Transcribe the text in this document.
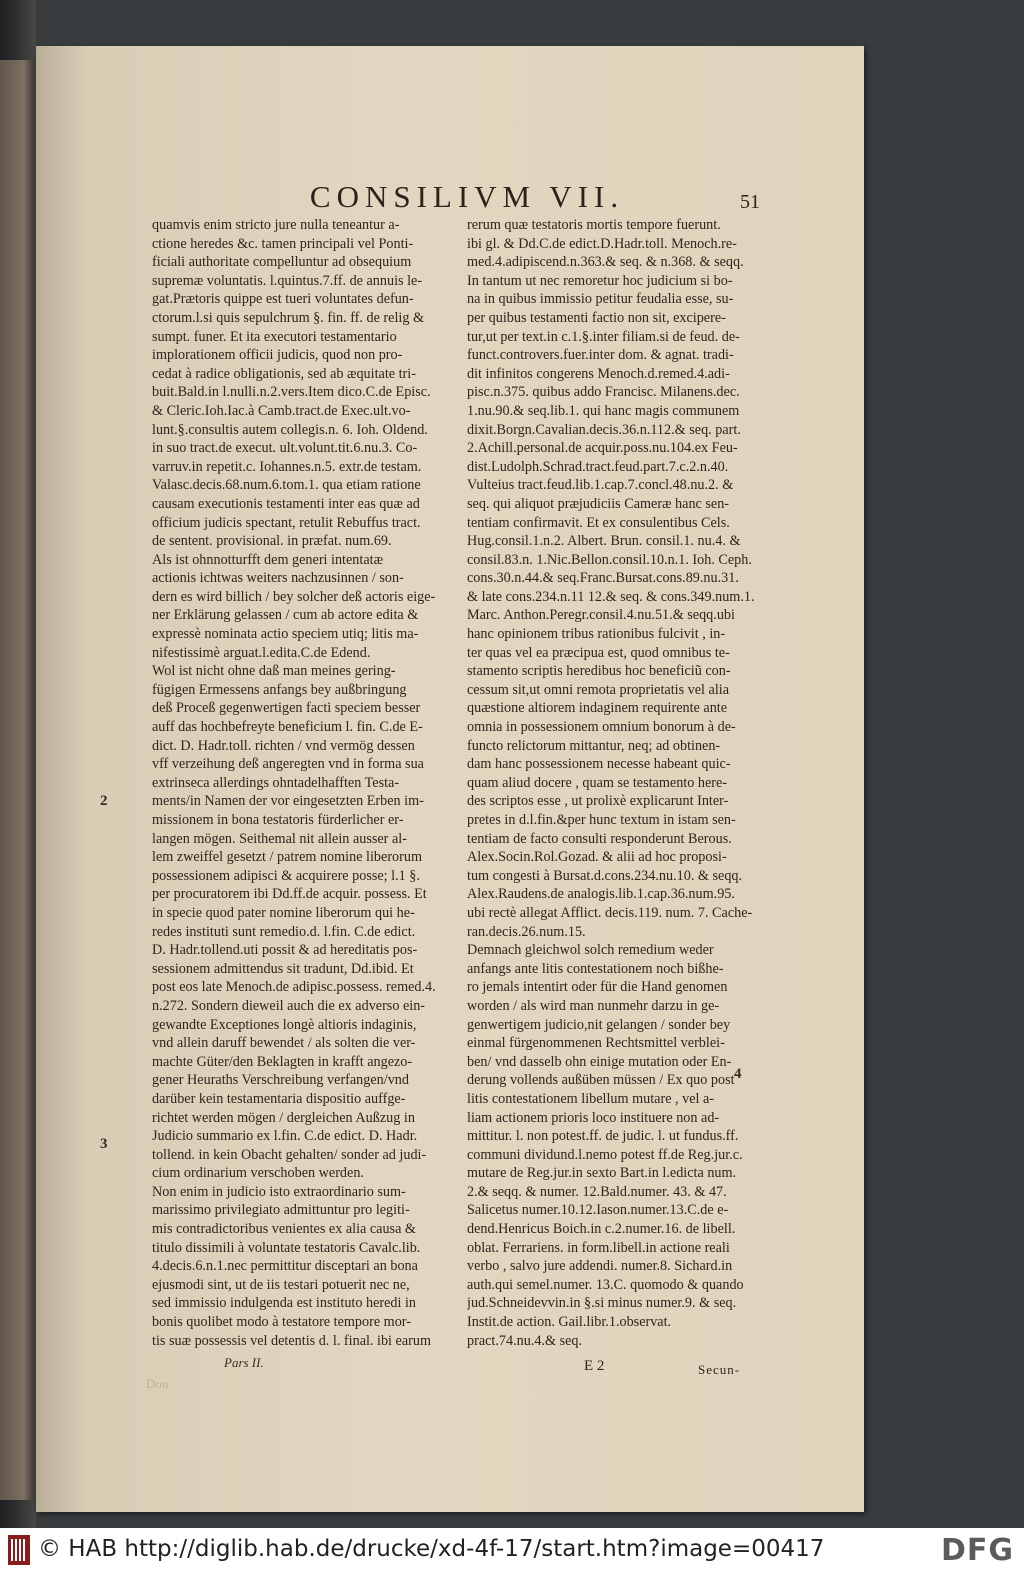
CONSILIVM VII.	51
quamvis enim stricto jure nulla teneantur a-
ctione heredes &c. tamen principali vel Ponti-
ficiali authoritate compelluntur ad obsequium
supremæ voluntatis. l.quintus.7.ff. de annuis le-
gat.Prætoris quippe est tueri voluntates defun-
ctorum.l.si quis sepulchrum §. fin. ff. de relig &
sumpt. funer. Et ita executori testamentario
implorationem officii judicis, quod non pro-
cedat à radice obligationis, sed ab æquitate tri-
buit.Bald.in l.nulli.n.2.vers.Item dico.C.de Episc.
& Cleric.Ioh.Iac.à Camb.tract.de Exec.ult.vo-
lunt.§.consultis autem collegis.n. 6. Ioh. Oldend.
in suo tract.de execut. ult.volunt.tit.6.nu.3. Co-
varruv.in repetit.c. Iohannes.n.5. extr.de testam.
Valasc.decis.68.num.6.tom.1. qua etiam ratione
causam executionis testamenti inter eas quæ ad
officium judicis spectant, retulit Rebuffus tract.
de sentent. provisional. in præfat. num.69.
Als ist ohnnotturfft dem generi intentatæ
actionis ichtwas weiters nachzusinnen / son-
dern es wird billich / bey solcher deß actoris eige-
ner Erklärung gelassen / cum ab actore edita &
expressè nominata actio speciem utiq; litis ma-
nifestissimè arguat.l.edita.C.de Edend.
Wol ist nicht ohne daß man meines gering-
fügigen Ermessens anfangs bey außbringung
deß Proceß gegenwertigen facti speciem besser
auff das hochbefreyte beneficium l. fin. C.de E-
dict. D. Hadr.toll. richten / vnd vermög dessen
vff verzeihung deß angeregten vnd in forma sua
extrinseca allerdings ohntadelhafften Testa-
ments/in Namen der vor eingesetzten Erben im-
missionem in bona testatoris fürderlicher er-
langen mögen. Seithemal nit allein ausser al-
lem zweiffel gesetzt / patrem nomine liberorum
possessionem adipisci & acquirere posse; l.1 §.
per procuratorem ibi Dd.ff.de acquir. possess. Et
in specie quod pater nomine liberorum qui he-
redes instituti sunt remedio.d. l.fin. C.de edict.
D. Hadr.tollend.uti possit & ad hereditatis pos-
sessionem admittendus sit tradunt, Dd.ibid. Et
post eos late Menoch.de adipisc.possess. remed.4.
n.272. Sondern dieweil auch die ex adverso ein-
gewandte Exceptiones longè altioris indaginis,
vnd allein daruff bewendet / als solten die ver-
machte Güter/den Beklagten in krafft angezo-
gener Heuraths Verschreibung verfangen/vnd
darüber kein testamentaria dispositio auffge-
richtet werden mögen / dergleichen Außzug in
Judicio summario ex l.fin. C.de edict. D. Hadr.
tollend. in kein Obacht gehalten/ sonder ad judi-
cium ordinarium verschoben werden.
Non enim in judicio isto extraordinario sum-
marissimo privilegiato admittuntur pro legiti-
mis contradictoribus venientes ex alia causa &
titulo dissimili à voluntate testatoris Cavalc.lib.
4.decis.6.n.1.nec permittitur disceptari an bona
ejusmodi sint, ut de iis testari potuerit nec ne,
sed immissio indulgenda est instituto heredi in
bonis quolibet modo à testatore tempore mor-
tis suæ possessis vel detentis d. l. final. ibi earum
rerum quæ testatoris mortis tempore fuerunt.
ibi gl. & Dd.C.de edict.D.Hadr.toll. Menoch.re-
med.4.adipiscend.n.363.& seq. & n.368. & seqq.
In tantum ut nec remoretur hoc judicium si bo-
na in quibus immissio petitur feudalia esse, su-
per quibus testamenti factio non sit, excipere-
tur,ut per text.in c.1.§.inter filiam.si de feud. de-
funct.controvers.fuer.inter dom. & agnat. tradi-
dit infinitos congerens Menoch.d.remed.4.adi-
pisc.n.375. quibus addo Francisc. Milanens.dec.
1.nu.90.& seq.lib.1. qui hanc magis communem
dixit.Borgn.Cavalian.decis.36.n.112.& seq. part.
2.Achill.personal.de acquir.poss.nu.104.ex Feu-
dist.Ludolph.Schrad.tract.feud.part.7.c.2.n.40.
Vulteius tract.feud.lib.1.cap.7.concl.48.nu.2. &
seq. qui aliquot præjudiciis Cameræ hanc sen-
tentiam confirmavit. Et ex consulentibus Cels.
Hug.consil.1.n.2. Albert. Brun. consil.1. nu.4. &
consil.83.n. 1.Nic.Bellon.consil.10.n.1. Ioh. Ceph.
cons.30.n.44.& seq.Franc.Bursat.cons.89.nu.31.
& late cons.234.n.11 12.& seq. & cons.349.num.1.
Marc. Anthon.Peregr.consil.4.nu.51.& seqq.ubi
hanc opinionem tribus rationibus fulcivit , in-
ter quas vel ea præcipua est, quod omnibus te-
stamento scriptis heredibus hoc beneficiũ con-
cessum sit,ut omni remota proprietatis vel alia
quæstione altiorem indaginem requirente ante
omnia in possessionem omnium bonorum à de-
functo relictorum mittantur, neq; ad obtinen-
dam hanc possessionem necesse habeant quic-
quam aliud docere , quam se testamento here-
des scriptos esse , ut prolixè explicarunt Inter-
pretes in d.l.fin.&per hunc textum in istam sen-
tentiam de facto consulti responderunt Berous.
Alex.Socin.Rol.Gozad. & alii ad hoc proposi-
tum congesti à Bursat.d.cons.234.nu.10. & seqq.
Alex.Raudens.de analogis.lib.1.cap.36.num.95.
ubi rectè allegat Afflict. decis.119. num. 7. Cache-
ran.decis.26.num.15.
Demnach gleichwol solch remedium weder
anfangs ante litis contestationem noch bißhe-
ro jemals intentirt oder für die Hand genomen
worden / als wird man nunmehr darzu in ge-
genwertigem judicio,nit gelangen / sonder bey
einmal fürgenommenen Rechtsmittel verblei-
ben/ vnd dasselb ohn einige mutation oder En-
derung vollends außüben müssen / Ex quo post
litis contestationem libellum mutare , vel a-
liam actionem prioris loco instituere non ad-
mittitur. l. non potest.ff. de judic. l. ut fundus.ff.
communi dividund.l.nemo potest ff.de Reg.jur.c.
mutare de Reg.jur.in sexto Bart.in l.edicta num.
2.& seqq. & numer. 12.Bald.numer. 43. & 47.
Salicetus numer.10.12.Iason.numer.13.C.de e-
dend.Henricus Boich.in c.2.numer.16. de libell.
oblat. Ferrariens. in form.libell.in actione reali
verbo , salvo jure addendi. numer.8. Sichard.in
auth.qui semel.numer. 13.C. quomodo & quando
jud.Schneidevvin.in §.si minus numer.9. & seq.
Instit.de action. Gail.libr.1.observat.
pract.74.nu.4.& seq.
2
3
4
Pars II.	E 2	Secun-
Don
© HAB http://diglib.hab.de/drucke/xd-4f-17/start.htm?image=00417	DFG
